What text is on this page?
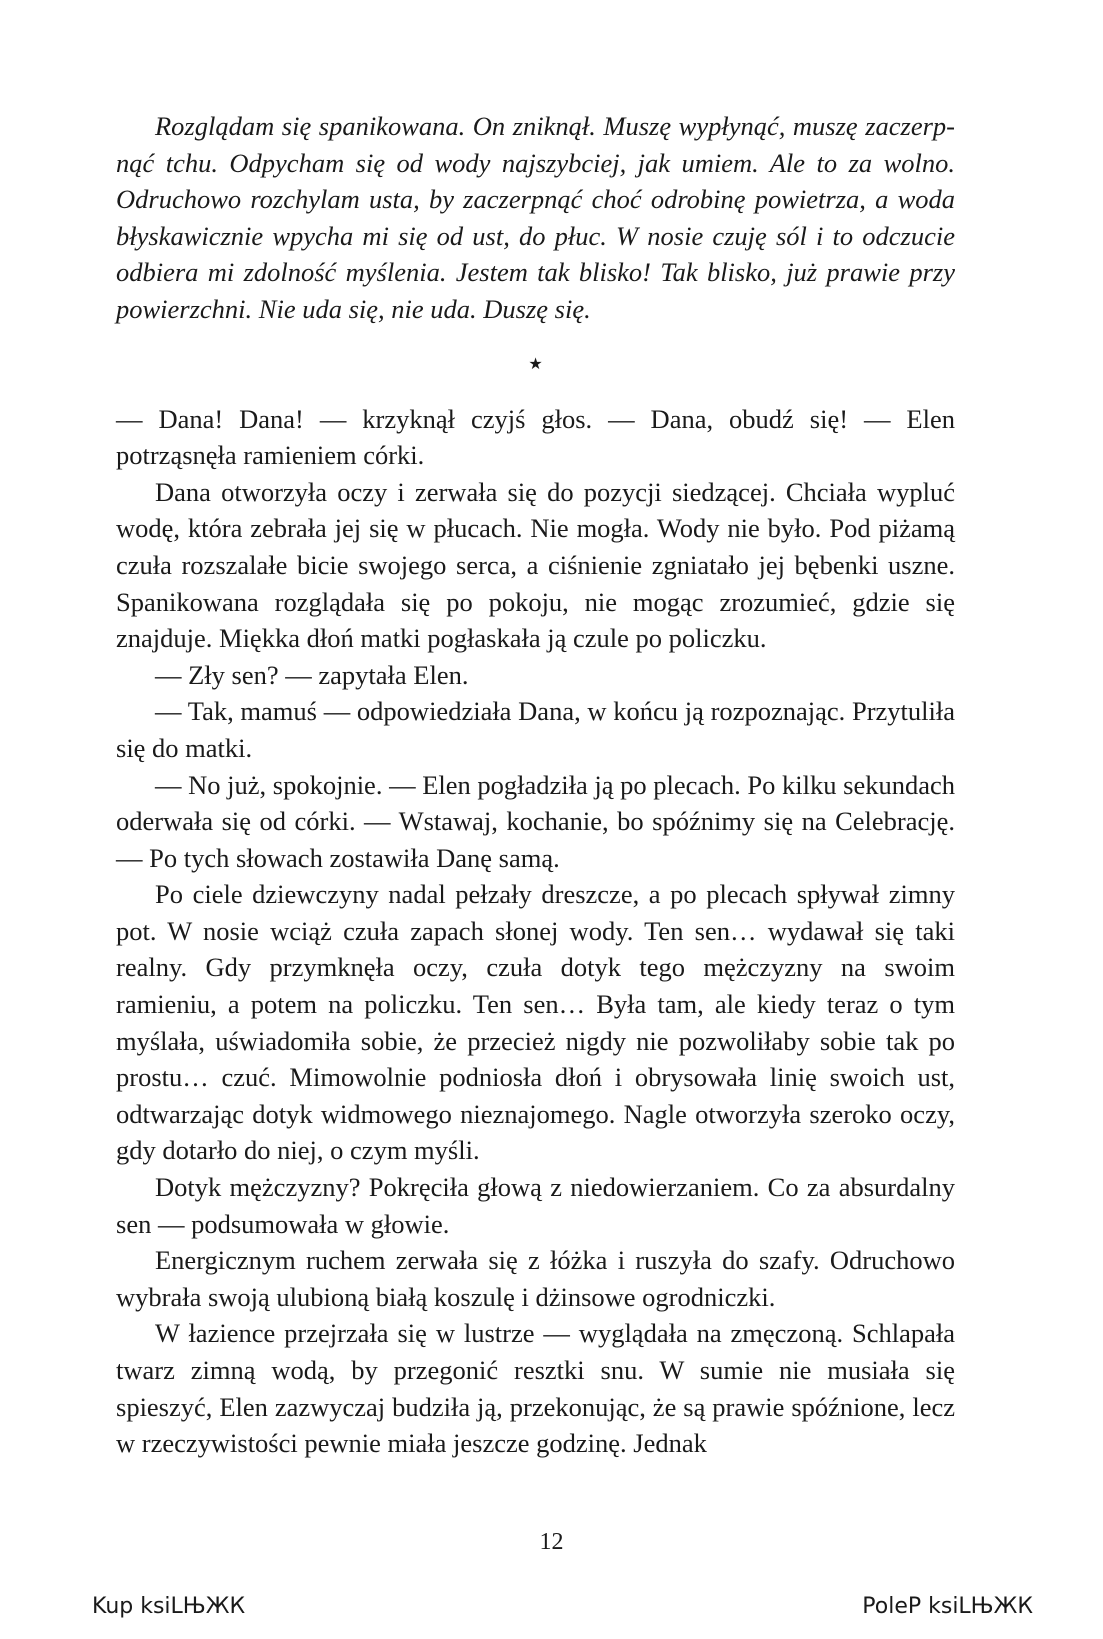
Rozglądam się spanikowana. On zniknął. Muszę wypłynąć, muszę zaczerpnąć tchu. Odpycham się od wody najszybciej, jak umiem. Ale to za wolno. Odruchowo rozchylam usta, by zaczerpnąć choć odrobinę powietrza, a woda błyskawicznie wpycha mi się od ust, do płuc. W nosie czuję sól i to odczucie odbiera mi zdolność myślenia. Jestem tak blisko! Tak blisko, już prawie przy powierzchni. Nie uda się, nie uda. Duszę się.

★

— Dana! Dana! — krzyknął czyjś głos. — Dana, obudź się! — Elen potrząsnęła ramieniem córki.

Dana otworzyła oczy i zerwała się do pozycji siedzącej. Chciała wypluć wodę, która zebrała jej się w płucach. Nie mogła. Wody nie było. Pod piżamą czuła rozszalałe bicie swojego serca, a ciśnienie zgniatało jej bębenki uszne. Spanikowana rozglądała się po pokoju, nie mogąc zrozumieć, gdzie się znajduje. Miękka dłoń matki pogłaskała ją czule po policzku.

— Zły sen? — zapytała Elen.

— Tak, mamuś — odpowiedziała Dana, w końcu ją rozpoznając. Przytuliła się do matki.

— No już, spokojnie. — Elen pogładziła ją po plecach. Po kilku sekundach oderwała się od córki. — Wstawaj, kochanie, bo spóźnimy się na Celebrację. — Po tych słowach zostawiła Danę samą.

Po ciele dziewczyny nadal pełzały dreszcze, a po plecach spływał zimny pot. W nosie wciąż czuła zapach słonej wody. Ten sen… wydawał się taki realny. Gdy przymknęła oczy, czuła dotyk tego mężczyzny na swoim ramieniu, a potem na policzku. Ten sen… Była tam, ale kiedy teraz o tym myślała, uświadomiła sobie, że przecież nigdy nie pozwoliłaby sobie tak po prostu… czuć. Mimowolnie podniosła dłoń i obrysowała linię swoich ust, odtwarzając dotyk widmowego nieznajomego. Nagle otworzyła szeroko oczy, gdy dotarło do niej, o czym myśli.

Dotyk mężczyzny? Pokręciła głową z niedowierzaniem. Co za absurdalny sen — podsumowała w głowie.

Energicznym ruchem zerwała się z łóżka i ruszyła do szafy. Odruchowo wybrała swoją ulubioną białą koszulę i dżinsowe ogrodniczki.

W łazience przejrzała się w lustrze — wyglądała na zmęczoną. Schlapała twarz zimną wodą, by przegonić resztki snu. W sumie nie musiała się spieszyć, Elen zazwyczaj budziła ją, przekonując, że są prawie spóźnione, lecz w rzeczywistości pewnie miała jeszcze godzinę. Jednak

12
Kup ksiLЊЖК	PoleР ksiLЊЖК
